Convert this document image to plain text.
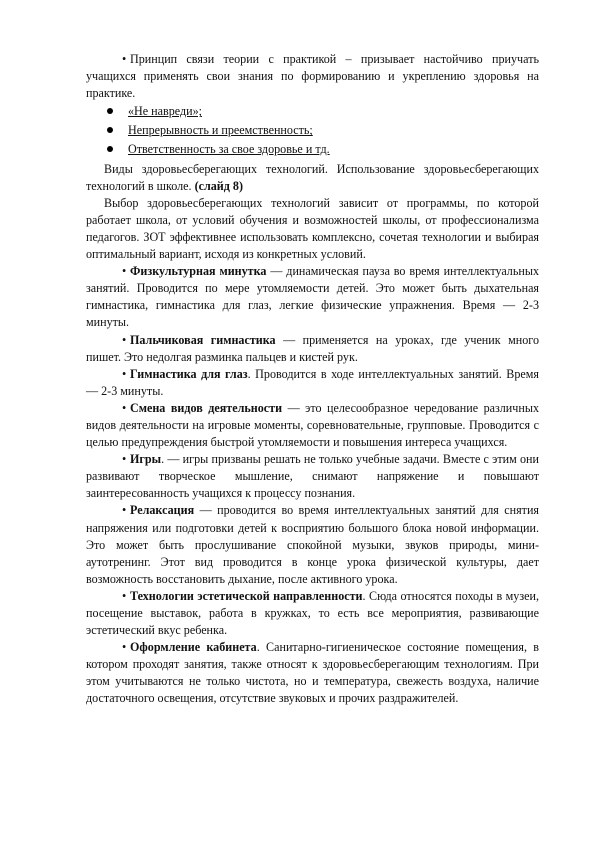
• Принцип связи теории с практикой – призывает настойчиво приучать учащихся применять свои знания по формированию и укреплению здоровья на практике.

«Не навреди»;
Непрерывность и преемственность;
Ответственность за свое здоровье и тд.

Виды здоровьесберегающих технологий. Использование здоровьесберегающих технологий в школе. (слайд 8)

Выбор здоровьесберегающих технологий зависит от программы, по которой работает школа, от условий обучения и возможностей школы, от профессионализма педагогов. ЗОТ эффективнее использовать комплексно, сочетая технологии и выбирая оптимальный вариант, исходя из конкретных условий.

• Физкультурная минутка — динамическая пауза во время интеллектуальных занятий. Проводится по мере утомляемости детей. Это может быть дыхательная гимнастика, гимнастика для глаз, легкие физические упражнения. Время — 2-3 минуты.

• Пальчиковая гимнастика — применяется на уроках, где ученик много пишет. Это недолгая разминка пальцев и кистей рук.

• Гимнастика для глаз. Проводится в ходе интеллектуальных занятий. Время — 2-3 минуты.

• Смена видов деятельности — это целесообразное чередование различных видов деятельности на игровые моменты, соревновательные, групповые. Проводится с целью предупреждения быстрой утомляемости и повышения интереса учащихся.

• Игры. — игры призваны решать не только учебные задачи. Вместе с этим они развивают творческое мышление, снимают напряжение и повышают заинтересованность учащихся к процессу познания.

• Релаксация — проводится во время интеллектуальных занятий для снятия напряжения или подготовки детей к восприятию большого блока новой информации. Это может быть прослушивание спокойной музыки, звуков природы, мини-аутотренинг. Этот вид проводится в конце урока физической культуры, дает возможность восстановить дыхание, после активного урока.

• Технологии эстетической направленности. Сюда относятся походы в музеи, посещение выставок, работа в кружках, то есть все мероприятия, развивающие эстетический вкус ребенка.

• Оформление кабинета. Санитарно-гигиеническое состояние помещения, в котором проходят занятия, также относят к здоровьесберегающим технологиям. При этом учитываются не только чистота, но и температура, свежесть воздуха, наличие достаточного освещения, отсутствие звуковых и прочих раздражителей.
